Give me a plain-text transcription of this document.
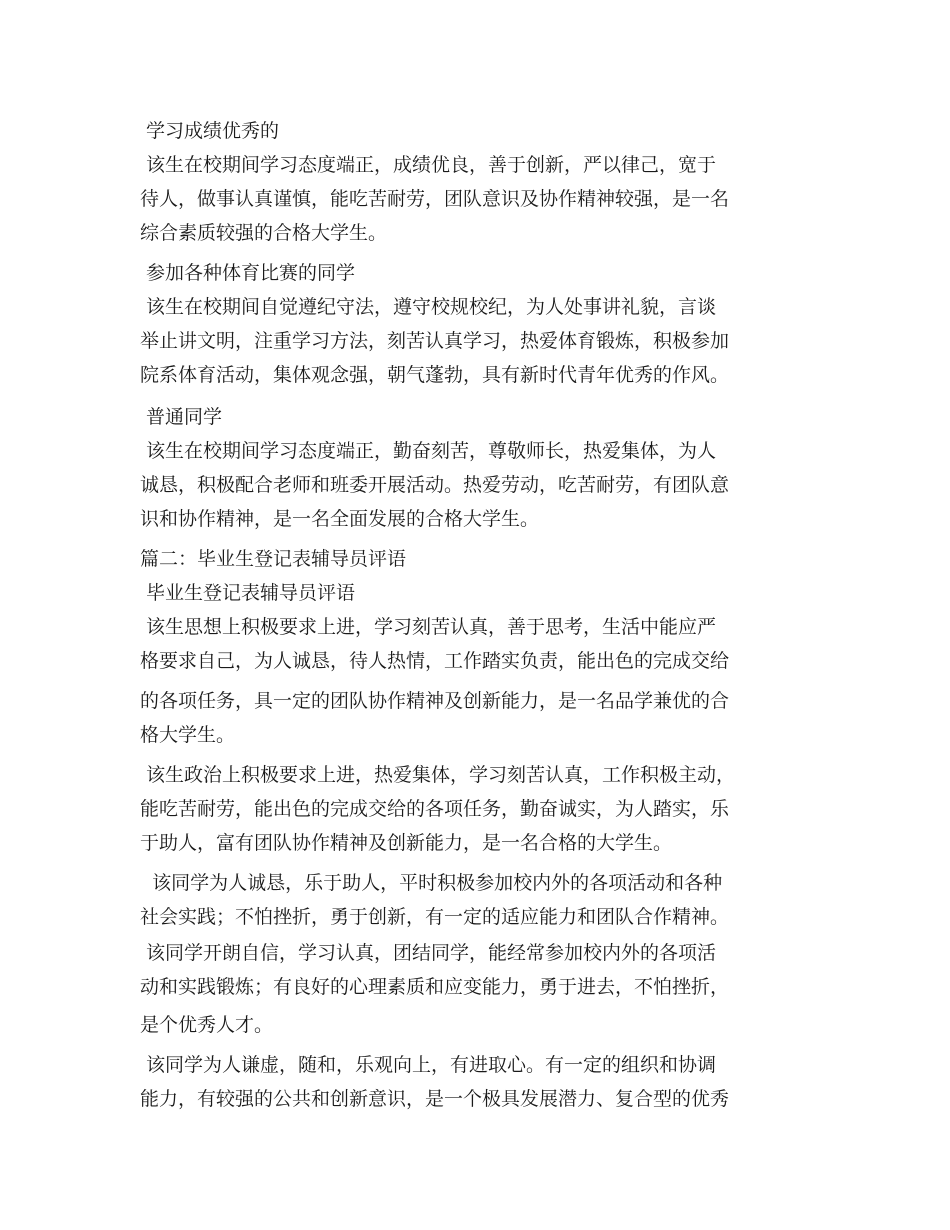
学习成绩优秀的

该生在校期间学习态度端正，成绩优良，善于创新，严以律己，宽于

待人，做事认真谨慎，能吃苦耐劳，团队意识及协作精神较强，是一名

综合素质较强的合格大学生。

参加各种体育比赛的同学

该生在校期间自觉遵纪守法，遵守校规校纪，为人处事讲礼貌，言谈

举止讲文明，注重学习方法，刻苦认真学习，热爱体育锻炼，积极参加

院系体育活动，集体观念强，朝气蓬勃，具有新时代青年优秀的作风。

普通同学

该生在校期间学习态度端正，勤奋刻苦，尊敬师长，热爱集体，为人

诚恳，积极配合老师和班委开展活动。热爱劳动，吃苦耐劳，有团队意

识和协作精神，是一名全面发展的合格大学生。

篇二：毕业生登记表辅导员评语

毕业生登记表辅导员评语

该生思想上积极要求上进，学习刻苦认真，善于思考，生活中能应严

格要求自己，为人诚恳，待人热情，工作踏实负责，能出色的完成交给

的各项任务，具一定的团队协作精神及创新能力，是一名品学兼优的合

格大学生。

该生政治上积极要求上进，热爱集体，学习刻苦认真，工作积极主动，

能吃苦耐劳，能出色的完成交给的各项任务，勤奋诚实，为人踏实，乐

于助人，富有团队协作精神及创新能力，是一名合格的大学生。

该同学为人诚恳，乐于助人，平时积极参加校内外的各项活动和各种

社会实践；不怕挫折，勇于创新，有一定的适应能力和团队合作精神。

该同学开朗自信，学习认真，团结同学，能经常参加校内外的各项活

动和实践锻炼；有良好的心理素质和应变能力，勇于进去，不怕挫折，

是个优秀人才。

该同学为人谦虚，随和，乐观向上，有进取心。有一定的组织和协调

能力，有较强的公共和创新意识，是一个极具发展潜力、复合型的优秀
